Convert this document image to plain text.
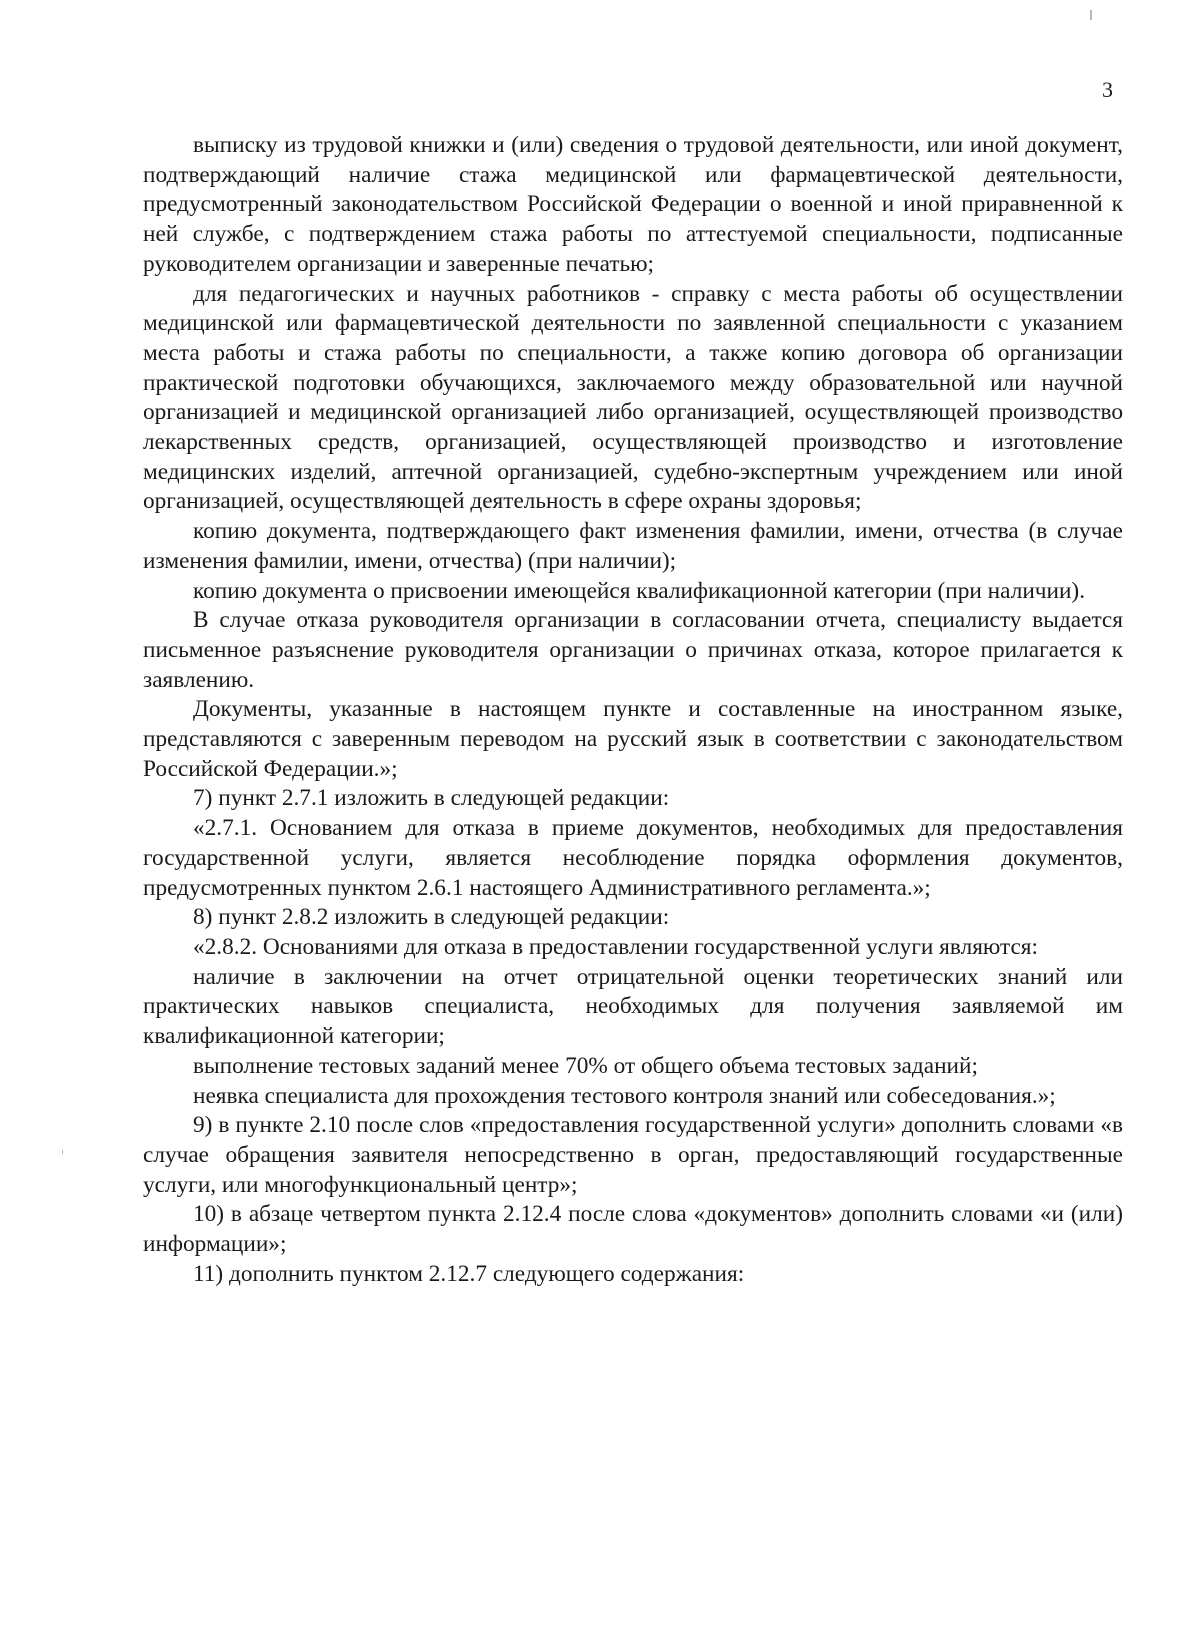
3

выписку из трудовой книжки и (или) сведения о трудовой деятельности, или иной документ, подтверждающий наличие стажа медицинской или фармацевтической деятельности, предусмотренный законодательством Российской Федерации о военной и иной приравненной к ней службе, с подтверждением стажа работы по аттестуемой специальности, подписанные руководителем организации и заверенные печатью;

для педагогических и научных работников - справку с места работы об осуществлении медицинской или фармацевтической деятельности по заявленной специальности с указанием места работы и стажа работы по специальности, а также копию договора об организации практической подготовки обучающихся, заключаемого между образовательной или научной организацией и медицинской организацией либо организацией, осуществляющей производство лекарственных средств, организацией, осуществляющей производство и изготовление медицинских изделий, аптечной организацией, судебно-экспертным учреждением или иной организацией, осуществляющей деятельность в сфере охраны здоровья;

копию документа, подтверждающего факт изменения фамилии, имени, отчества (в случае изменения фамилии, имени, отчества) (при наличии);

копию документа о присвоении имеющейся квалификационной категории (при наличии).

В случае отказа руководителя организации в согласовании отчета, специалисту выдается письменное разъяснение руководителя организации о причинах отказа, которое прилагается к заявлению.

Документы, указанные в настоящем пункте и составленные на иностранном языке, представляются с заверенным переводом на русский язык в соответствии с законодательством Российской Федерации.»;

7) пункт 2.7.1 изложить в следующей редакции:

«2.7.1. Основанием для отказа в приеме документов, необходимых для предоставления государственной услуги, является несоблюдение порядка оформления документов, предусмотренных пунктом 2.6.1 настоящего Административного регламента.»;

8) пункт 2.8.2 изложить в следующей редакции:

«2.8.2. Основаниями для отказа в предоставлении государственной услуги являются:

наличие в заключении на отчет отрицательной оценки теоретических знаний или практических навыков специалиста, необходимых для получения заявляемой им квалификационной категории;

выполнение тестовых заданий менее 70% от общего объема тестовых заданий;

неявка специалиста для прохождения тестового контроля знаний или собеседования.»;

9) в пункте 2.10 после слов «предоставления государственной услуги» дополнить словами «в случае обращения заявителя непосредственно в орган, предоставляющий государственные услуги, или многофункциональный центр»;

10) в абзаце четвертом пункта 2.12.4 после слова «документов» дополнить словами «и (или) информации»;

11) дополнить пунктом 2.12.7 следующего содержания:
